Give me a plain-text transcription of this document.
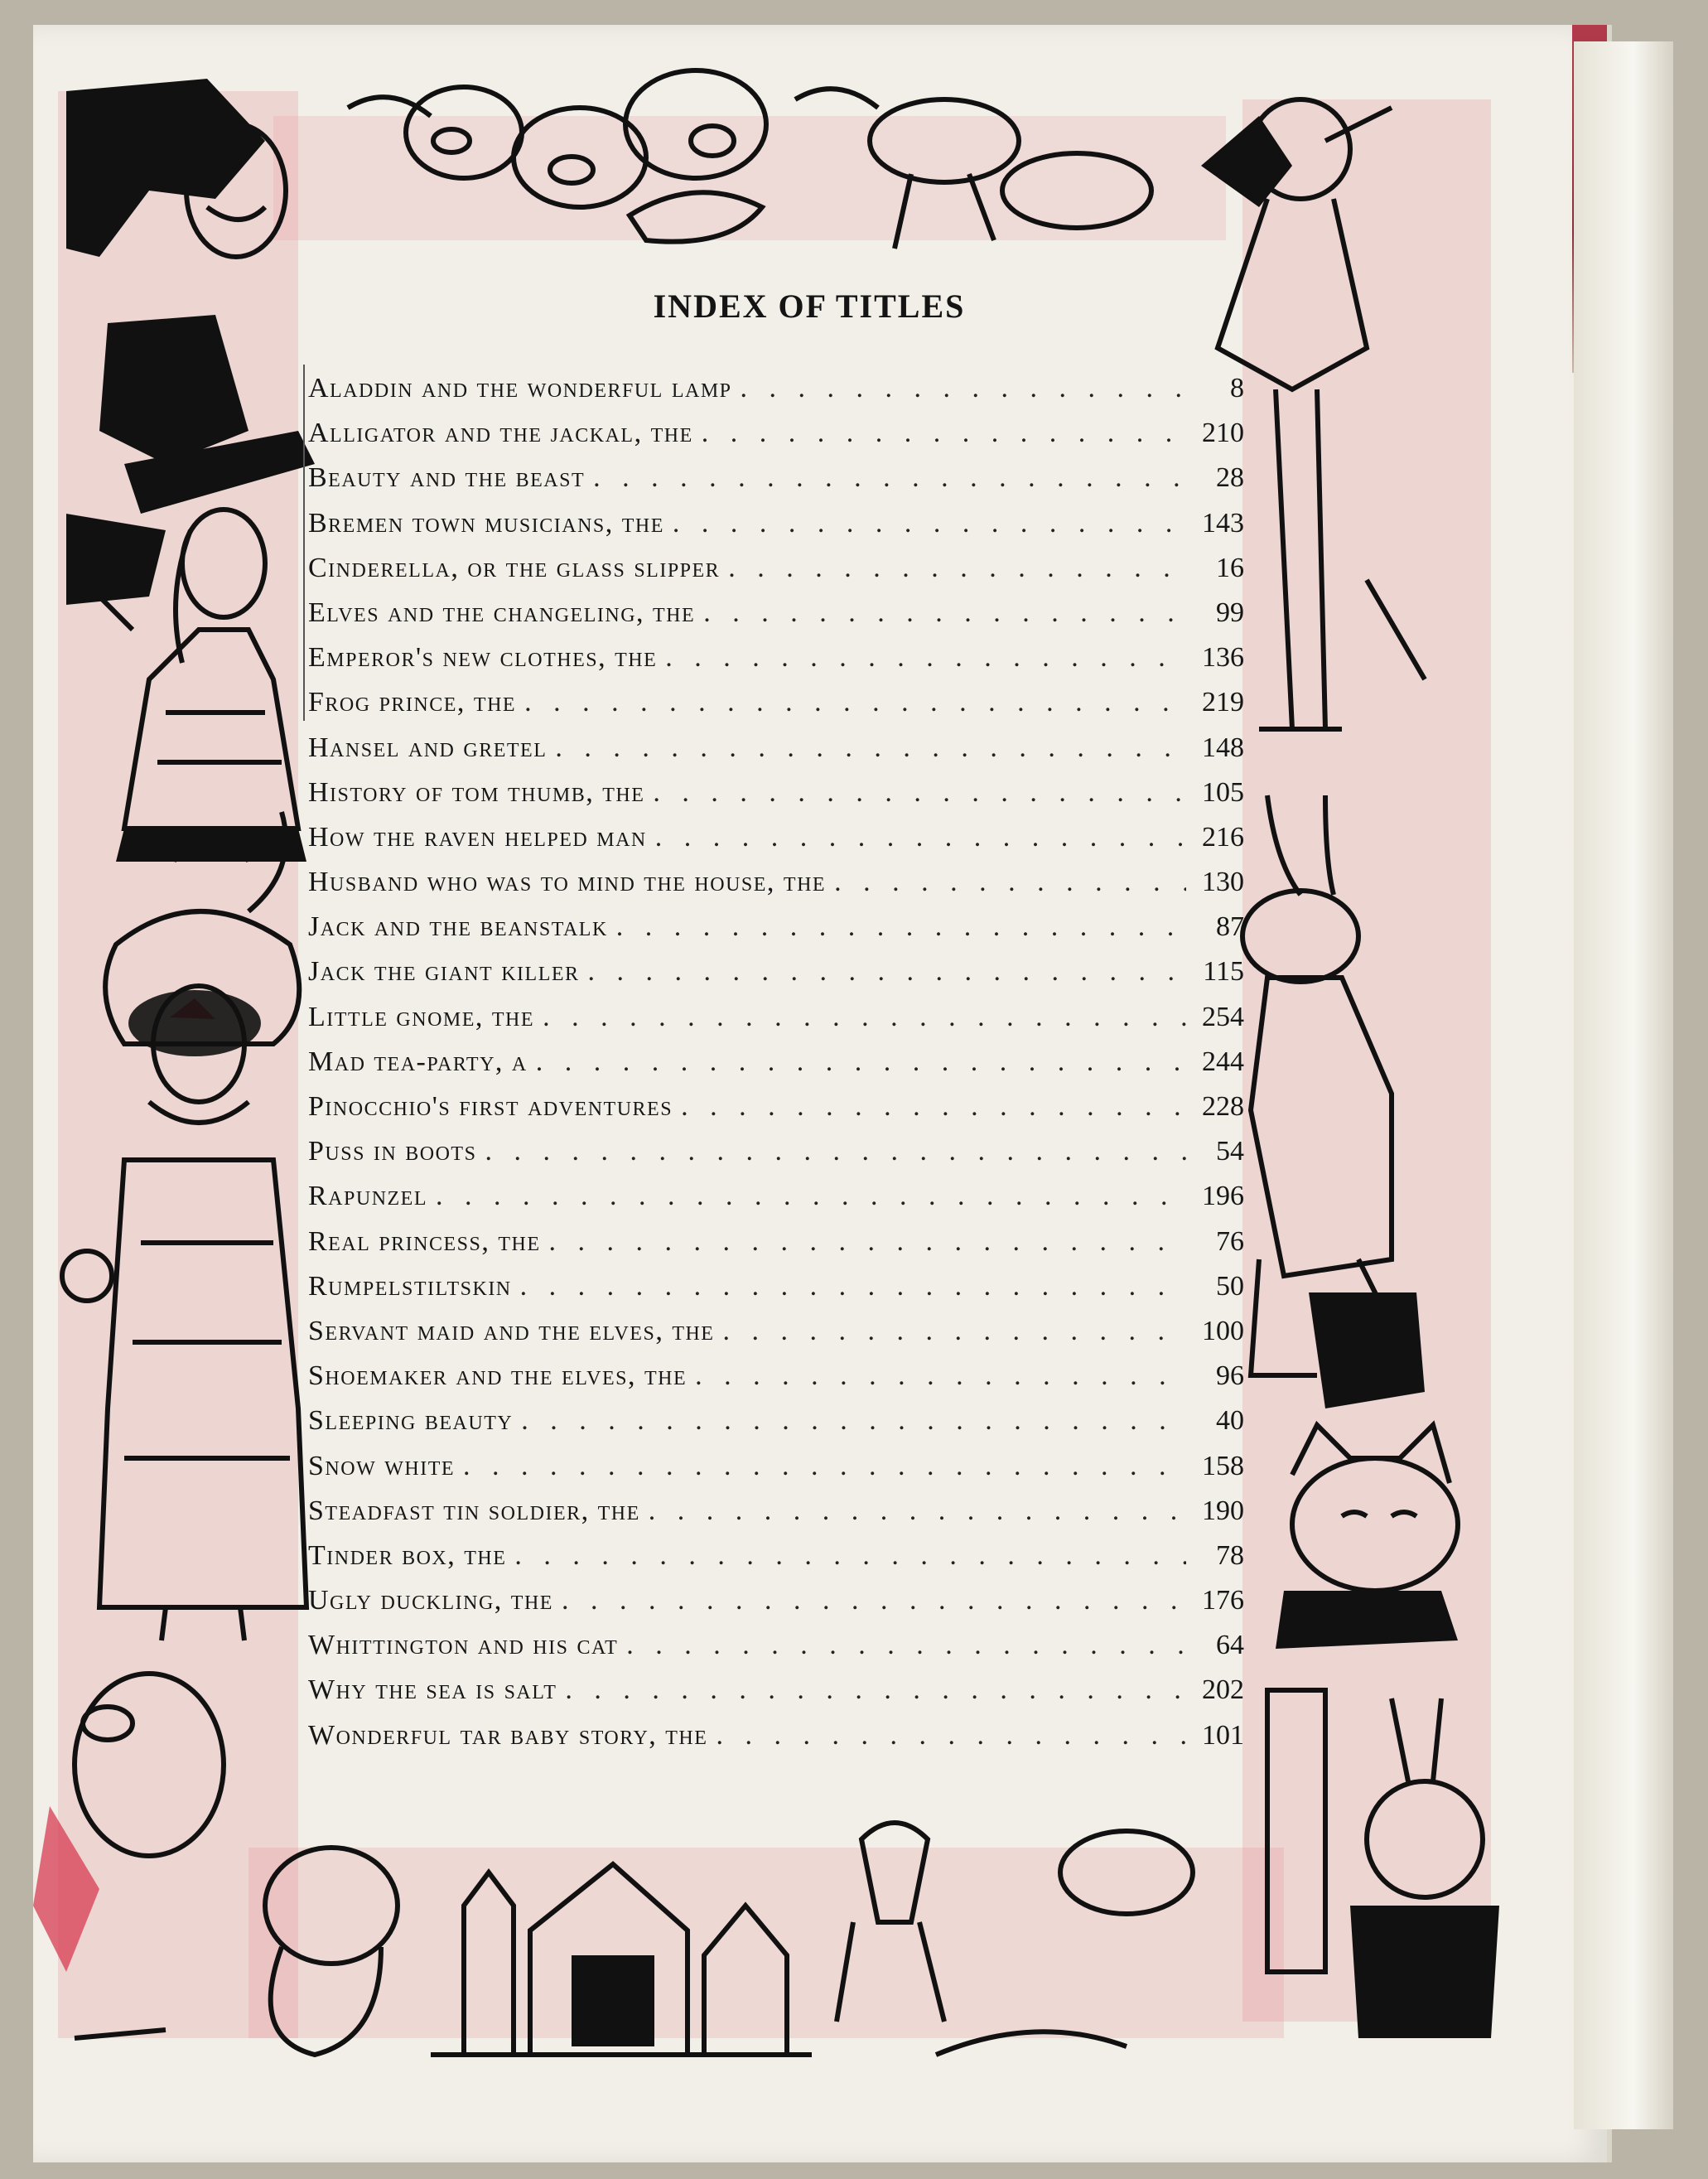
INDEX OF TITLES
Aladdin and the wonderful lamp . . .	8
Alligator and the jackal, the . . .	210
Beauty and the beast . . .	28
Bremen town musicians, the . . .	143
Cinderella, or the glass slipper . . .	16
Elves and the changeling, the . . .	99
Emperor's new clothes, the . . .	136
Frog prince, the . . .	219
Hansel and gretel . . .	148
History of tom thumb, the . . .	105
How the raven helped man . . .	216
Husband who was to mind the house, the . . .	130
Jack and the beanstalk . . .	87
Jack the giant killer . . .	115
Little gnome, the . . .	254
Mad tea-party, a . . .	244
Pinocchio's first adventures . . .	228
Puss in boots . . .	54
Rapunzel . . .	196
Real princess, the . . .	76
Rumpelstiltskin . . .	50
Servant maid and the elves, the . . .	100
Shoemaker and the elves, the . . .	96
Sleeping beauty . . .	40
Snow white . . .	158
Steadfast tin soldier, the . . .	190
Tinder box, the . . .	78
Ugly duckling, the . . .	176
Whittington and his cat . . .	64
Why the sea is salt . . .	202
Wonderful tar baby story, the . . .	101
